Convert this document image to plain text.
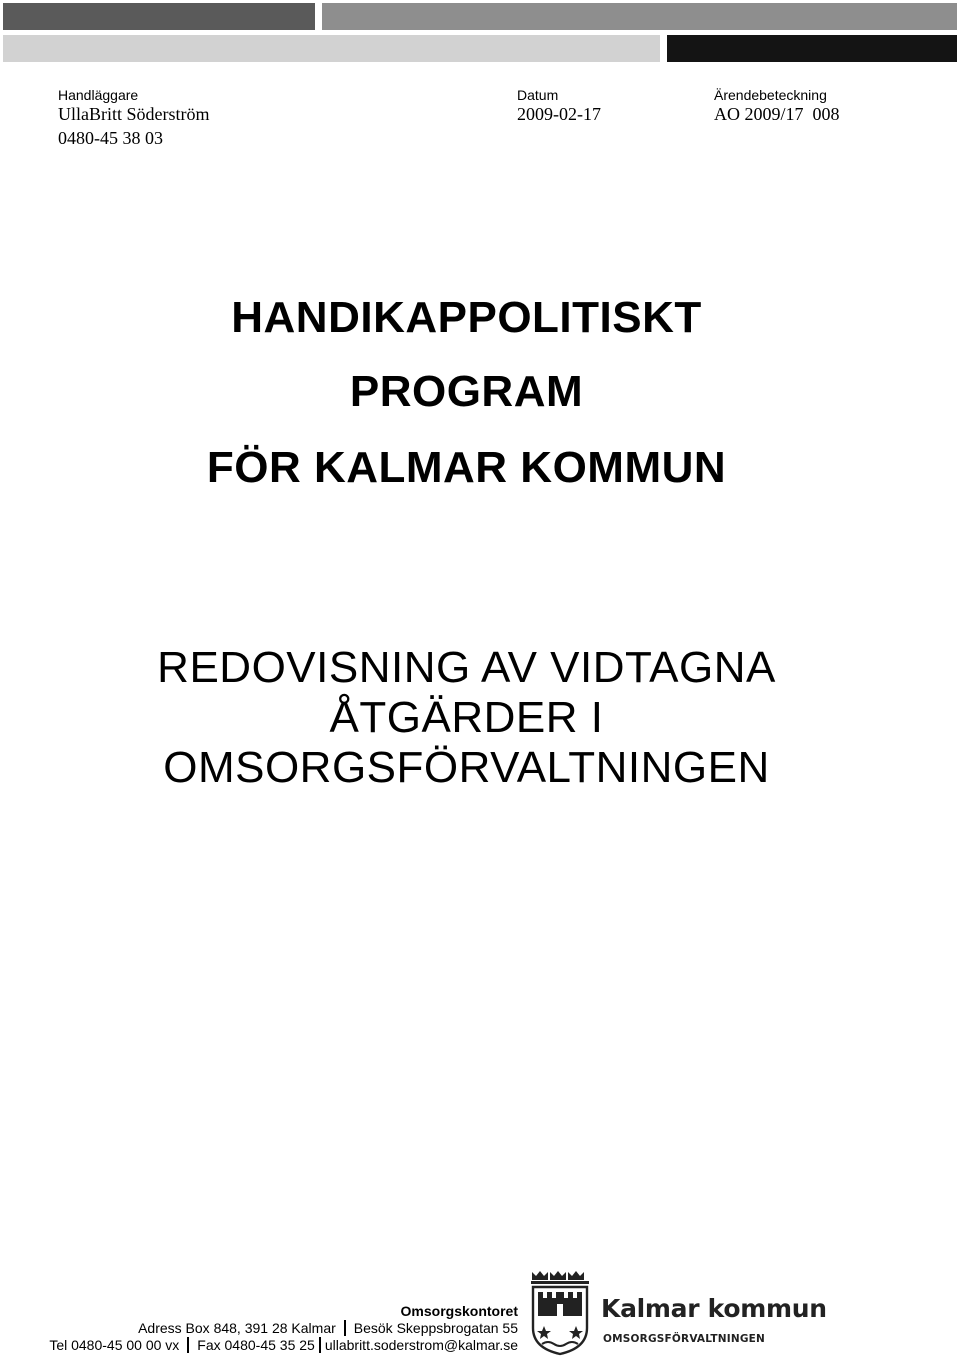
Handläggare
UllaBritt Söderström
0480-45 38 03
Datum
2009-02-17
Ärendebeteckning
AO 2009/17  008
HANDIKAPPOLITISKT
PROGRAM
FÖR KALMAR KOMMUN
REDOVISNING AV VIDTAGNA
ÅTGÄRDER I
OMSORGSFÖRVALTNINGEN
Omsorgskontoret
Adress Box 848, 391 28 Kalmar Besök Skeppsbrogatan 55
Tel 0480-45 00 00 vx Fax 0480-45 35 25 ullabritt.soderstrom@kalmar.se
Kalmar kommun
OMSORGSFÖRVALTNINGEN
